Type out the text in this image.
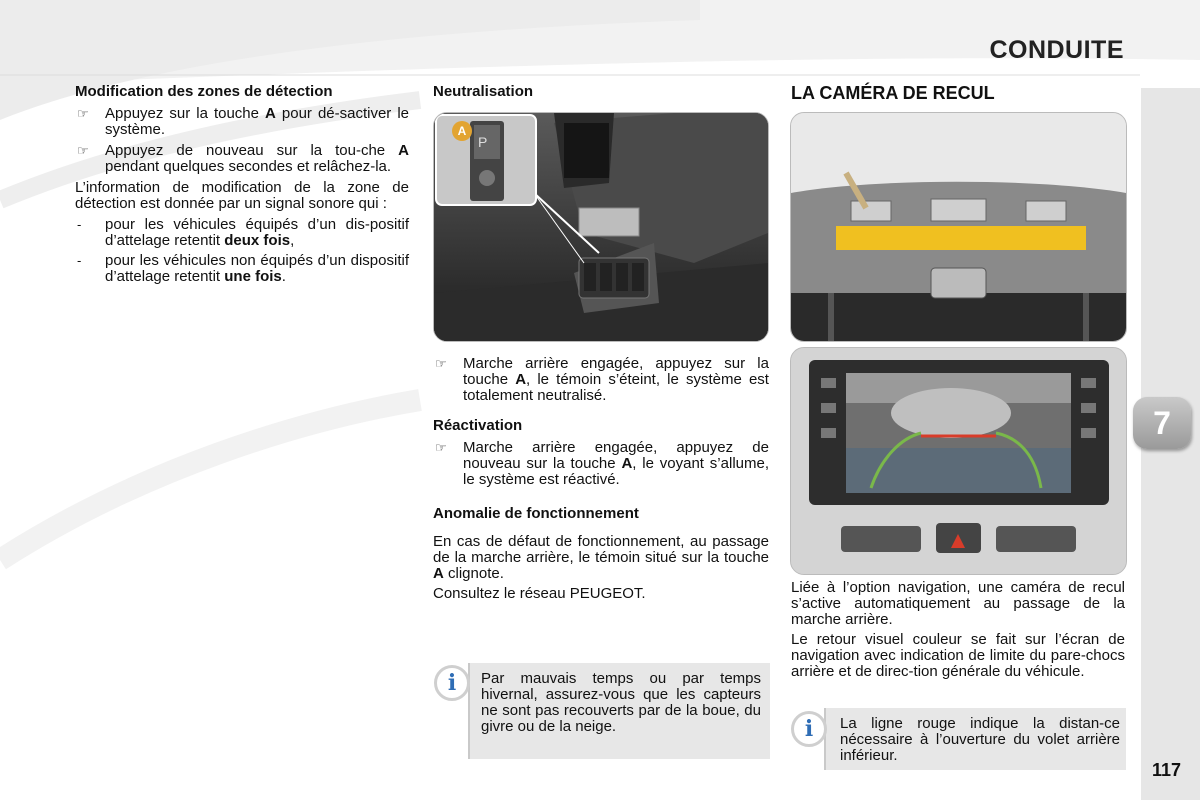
CONDUITE
7
117
Modification des zones de détection

☞ Appuyez sur la touche A pour dé-sactiver le système.

☞ Appuyez de nouveau sur la tou-che A pendant quelques secondes et relâchez-la.

L’information de modification de la zone de détection est donnée par un signal sonore qui :

- pour les véhicules équipés d’un dis-positif d’attelage retentit deux fois,

- pour les véhicules non équipés d’un dispositif d’attelage retentit une fois.

Neutralisation
P
A

☞ Marche arrière engagée, appuyez sur la touche A, le témoin s’éteint, le système est totalement neutralisé.

Réactivation

☞ Marche arrière engagée, appuyez de nouveau sur la touche A, le voyant s’allume, le système est réactivé.

Anomalie de fonctionnement

En cas de défaut de fonctionnement, au passage de la marche arrière, le témoin situé sur la touche A clignote.

Consultez le réseau PEUGEOT.

i	Par mauvais temps ou par temps hivernal, assurez-vous que les capteurs ne sont pas recouverts par de la boue, du givre ou de la neige.
LA CAMÉRA DE RECUL

Liée à l’option navigation, une caméra de recul s’active automatiquement au passage de la marche arrière.

Le retour visuel couleur se fait sur l’écran de navigation avec indication de limite du pare-chocs arrière et de direc-tion générale du véhicule.

i	La ligne rouge indique la distan-ce nécessaire à l’ouverture du volet arrière inférieur.
